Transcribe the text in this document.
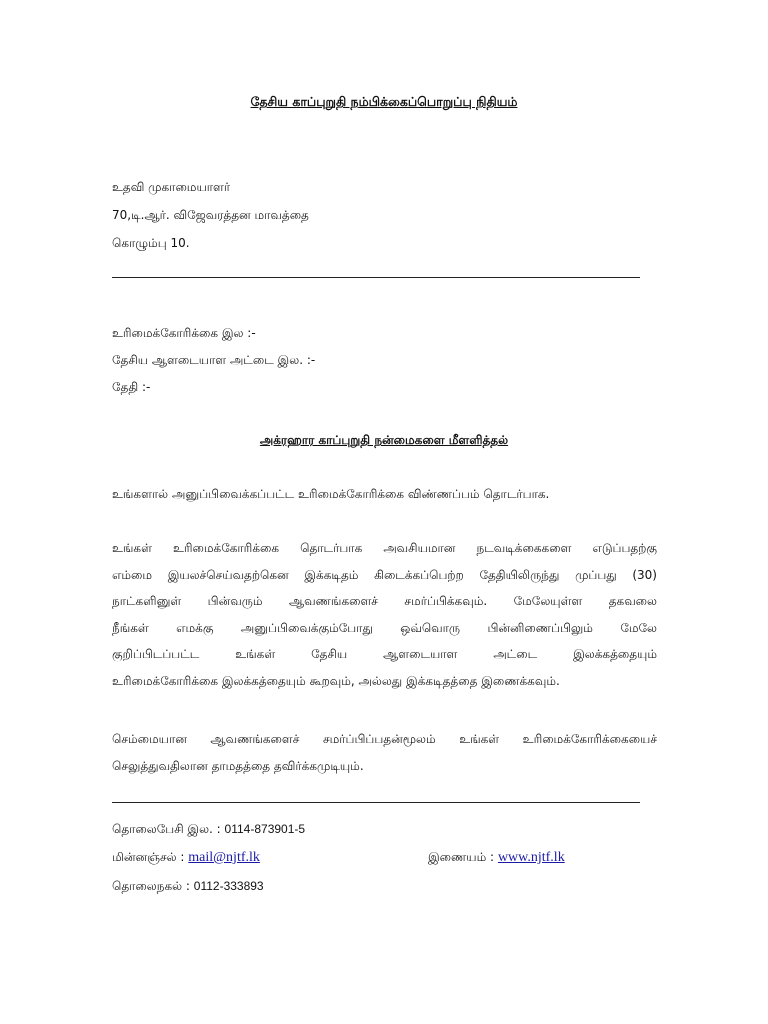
தேசிய காப்புறுதி நம்பிக்கைப்பொறுப்பு நிதியம்
உதவி முகாமையாளர்
70,டி.ஆர். விஜேவரத்தன மாவத்தை
கொழும்பு 10.
உரிமைக்கோரிக்கை இல :-
தேசிய ஆளடையாள அட்டை இல. :-
தேதி :-
அக்ரஹார காப்புறுதி நன்மைகளை மீளளித்தல்
உங்களால் அனுப்பிவைக்கப்பட்ட உரிமைக்கோரிக்கை விண்ணப்பம் தொடர்பாக.
உங்கள் உரிமைக்கோரிக்கை தொடர்பாக அவசியமான நடவடிக்கைகளை எடுப்பதற்கு
எம்மை இயலச்செய்வதற்கென இக்கடிதம் கிடைக்கப்பெற்ற தேதியிலிருந்து முப்பது (30)
நாட்களினுள் பின்வரும் ஆவணங்களைச் சமர்ப்பிக்கவும். மேலேயுள்ள தகவலை
நீங்கள் எமக்கு அனுப்பிவைக்கும்போது ஒவ்வொரு பின்னிணைப்பிலும் மேலே
குறிப்பிடப்பட்ட உங்கள் தேசிய ஆளடையாள அட்டை இலக்கத்தையும்
உரிமைக்கோரிக்கை இலக்கத்தையும் கூறவும், அல்லது இக்கடிதத்தை இணைக்கவும்.
செம்மையான ஆவணங்களைச் சமர்ப்பிப்பதன்மூலம் உங்கள் உரிமைக்கோரிக்கையைச்
செலுத்துவதிலான தாமதத்தை தவிர்க்கமுடியும்.
தொலைபேசி இல. : 0114-873901-5
மின்னஞ்சல் : mail@njtf.lk	இணையம் : www.njtf.lk
தொலைநகல் : 0112-333893
